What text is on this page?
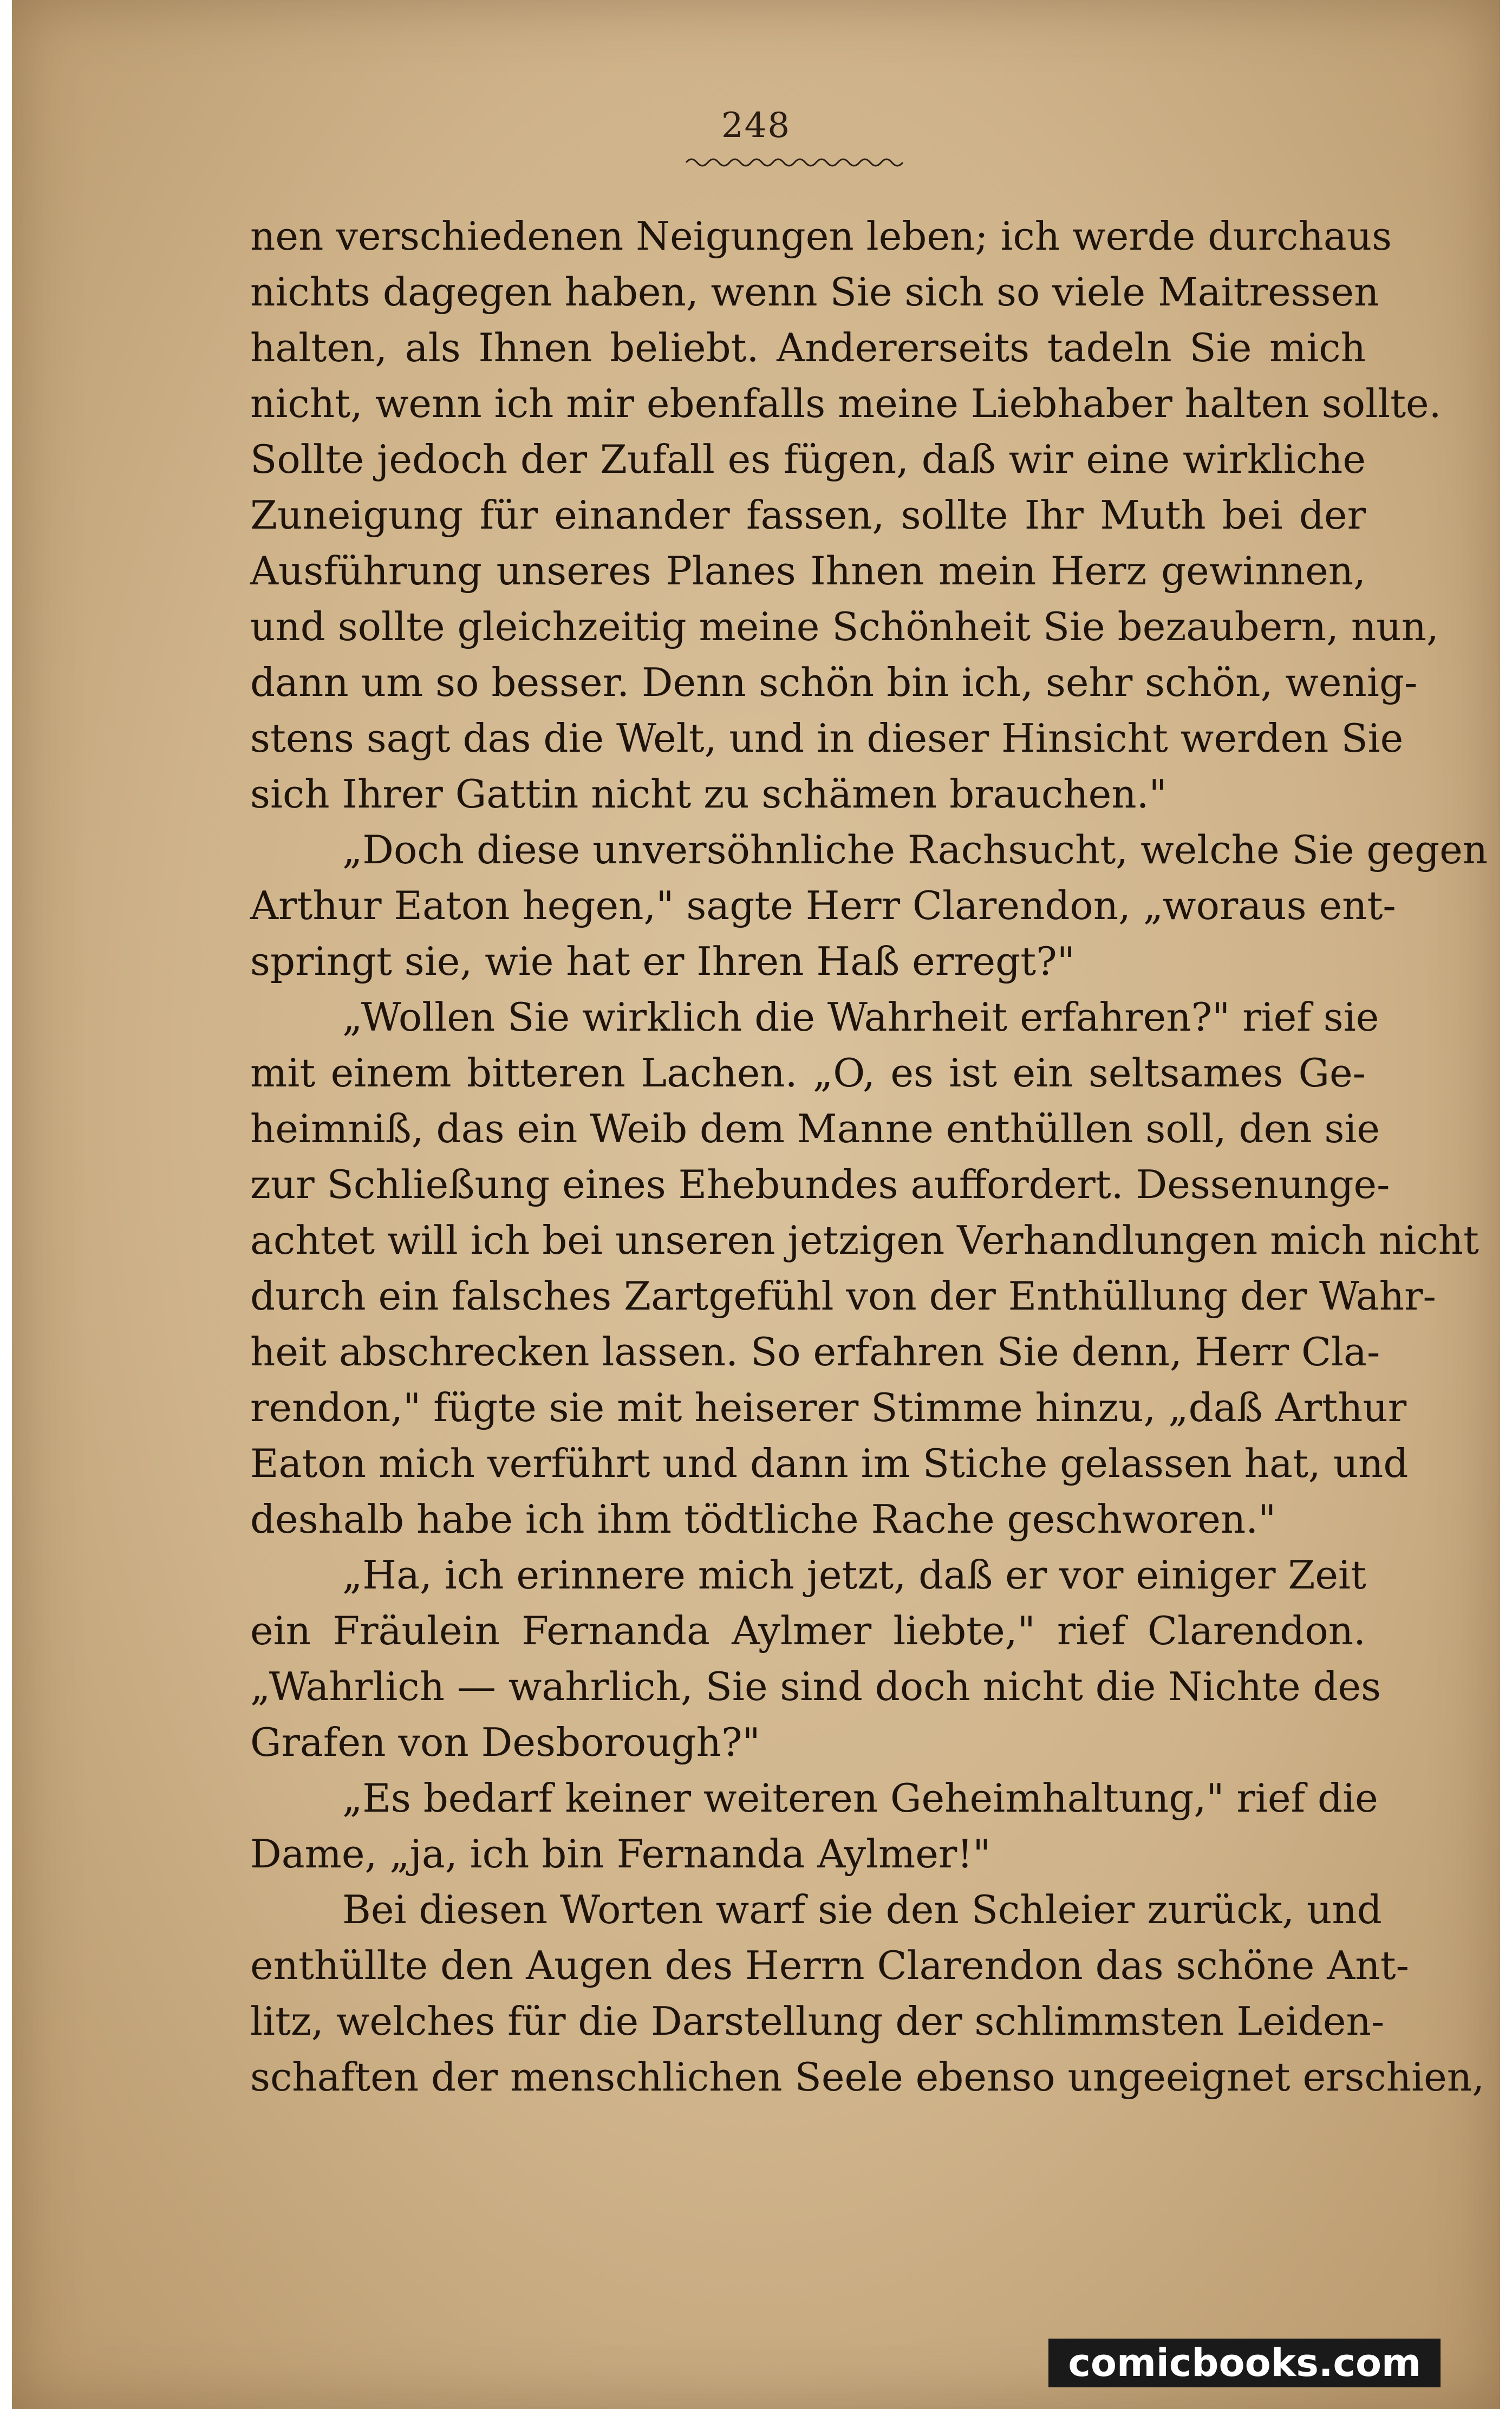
248
nen verschiedenen Neigungen leben; ich werde durchaus
nichts dagegen haben, wenn Sie sich so viele Maitressen
halten, als Ihnen beliebt. Andererseits tadeln Sie mich
nicht, wenn ich mir ebenfalls meine Liebhaber halten sollte.
Sollte jedoch der Zufall es fügen, daß wir eine wirkliche
Zuneigung für einander fassen, sollte Ihr Muth bei der
Ausführung unseres Planes Ihnen mein Herz gewinnen,
und sollte gleichzeitig meine Schönheit Sie bezaubern, nun,
dann um so besser. Denn schön bin ich, sehr schön, wenig-
stens sagt das die Welt, und in dieser Hinsicht werden Sie
sich Ihrer Gattin nicht zu schämen brauchen."
„Doch diese unversöhnliche Rachsucht, welche Sie gegen
Arthur Eaton hegen," sagte Herr Clarendon, „woraus ent-
springt sie, wie hat er Ihren Haß erregt?"
„Wollen Sie wirklich die Wahrheit erfahren?" rief sie
mit einem bitteren Lachen. „O, es ist ein seltsames Ge-
heimniß, das ein Weib dem Manne enthüllen soll, den sie
zur Schließung eines Ehebundes auffordert. Dessenunge-
achtet will ich bei unseren jetzigen Verhandlungen mich nicht
durch ein falsches Zartgefühl von der Enthüllung der Wahr-
heit abschrecken lassen. So erfahren Sie denn, Herr Cla-
rendon," fügte sie mit heiserer Stimme hinzu, „daß Arthur
Eaton mich verführt und dann im Stiche gelassen hat, und
deshalb habe ich ihm tödtliche Rache geschworen."
„Ha, ich erinnere mich jetzt, daß er vor einiger Zeit
ein Fräulein Fernanda Aylmer liebte," rief Clarendon.
„Wahrlich — wahrlich, Sie sind doch nicht die Nichte des
Grafen von Desborough?"
„Es bedarf keiner weiteren Geheimhaltung," rief die
Dame, „ja, ich bin Fernanda Aylmer!"
Bei diesen Worten warf sie den Schleier zurück, und
enthüllte den Augen des Herrn Clarendon das schöne Ant-
litz, welches für die Darstellung der schlimmsten Leiden-
schaften der menschlichen Seele ebenso ungeeignet erschien,
comicbooks.com
